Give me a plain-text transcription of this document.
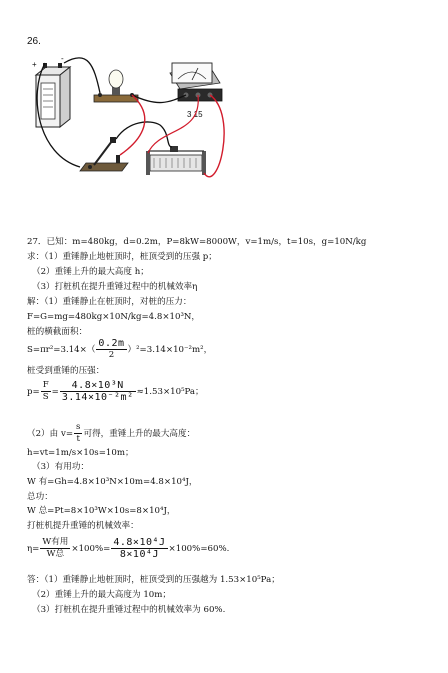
26.
+
-
3 15
27．已知：m=480kg，d=0.2m，P=8kW=8000W，v=1m/s，t=10s，g=10N/kg
求：（1）重锤静止地桩顶时，桩顶受到的压强 p；
（2）重锤上升的最大高度 h；
（3）打桩机在提升重锤过程中的机械效率η
解：（1）重锤静止在桩顶时，对桩的压力：
F=G=mg=480kg×10N/kg=4.8×10³N，
桩的横截面积：
$S=\pi r^2=3.14\times( \frac{0.2m}{2} )^2=3.14\times 10^{-2}m^2$，
桩受到重锤的压强：
$p= \frac{F}{S} = \frac{\text{4.8×10³N}}{\text{3.14×10⁻²m²}} \approx 1.53\times 10^5Pa$；
（2）由 $v= \frac{s}{t}$ 可得，重锤上升的最大高度：
h=vt=1m/s×10s=10m；
（3）有用功：
W 有=Gh=4.8×10³N×10m=4.8×10⁴J，
总功：
W 总=Pt=8×10³W×10s=8×10⁴J，
打桩机提升重锤的机械效率：
$\eta= \frac{\text{W有用}}{\text{W总}} \times 100\%= \frac{\text{4.8×10⁴J}}{\text{8×10⁴J}} \times 100\%=60\%$.
答：（1）重锤静止地桩顶时，桩顶受到的压强越为 1.53×10⁵Pa；
（2）重锤上升的最大高度为 10m；
（3）打桩机在提升重锤过程中的机械效率为 60%.
